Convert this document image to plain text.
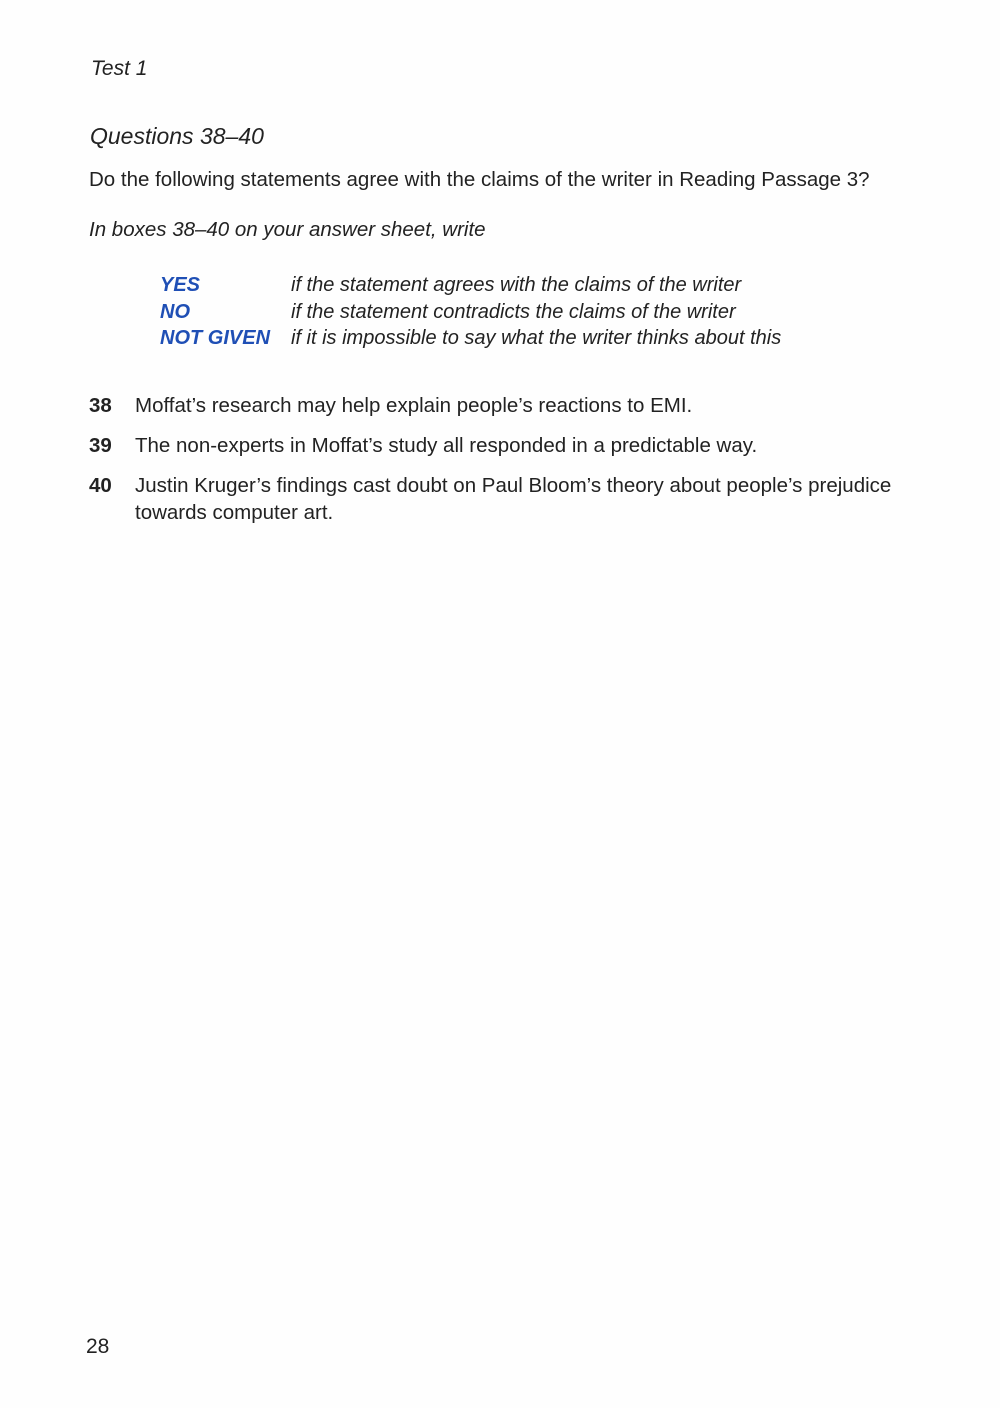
Test 1
Questions 38–40
Do the following statements agree with the claims of the writer in Reading Passage 3?
In boxes 38–40 on your answer sheet, write
YES	if the statement agrees with the claims of the writer
NO	if the statement contradicts the claims of the writer
NOT GIVEN	if it is impossible to say what the writer thinks about this
38	Moffat’s research may help explain people’s reactions to EMI.
39	The non-experts in Moffat’s study all responded in a predictable way.
40	Justin Kruger’s findings cast doubt on Paul Bloom’s theory about people’s prejudice towards computer art.
28
